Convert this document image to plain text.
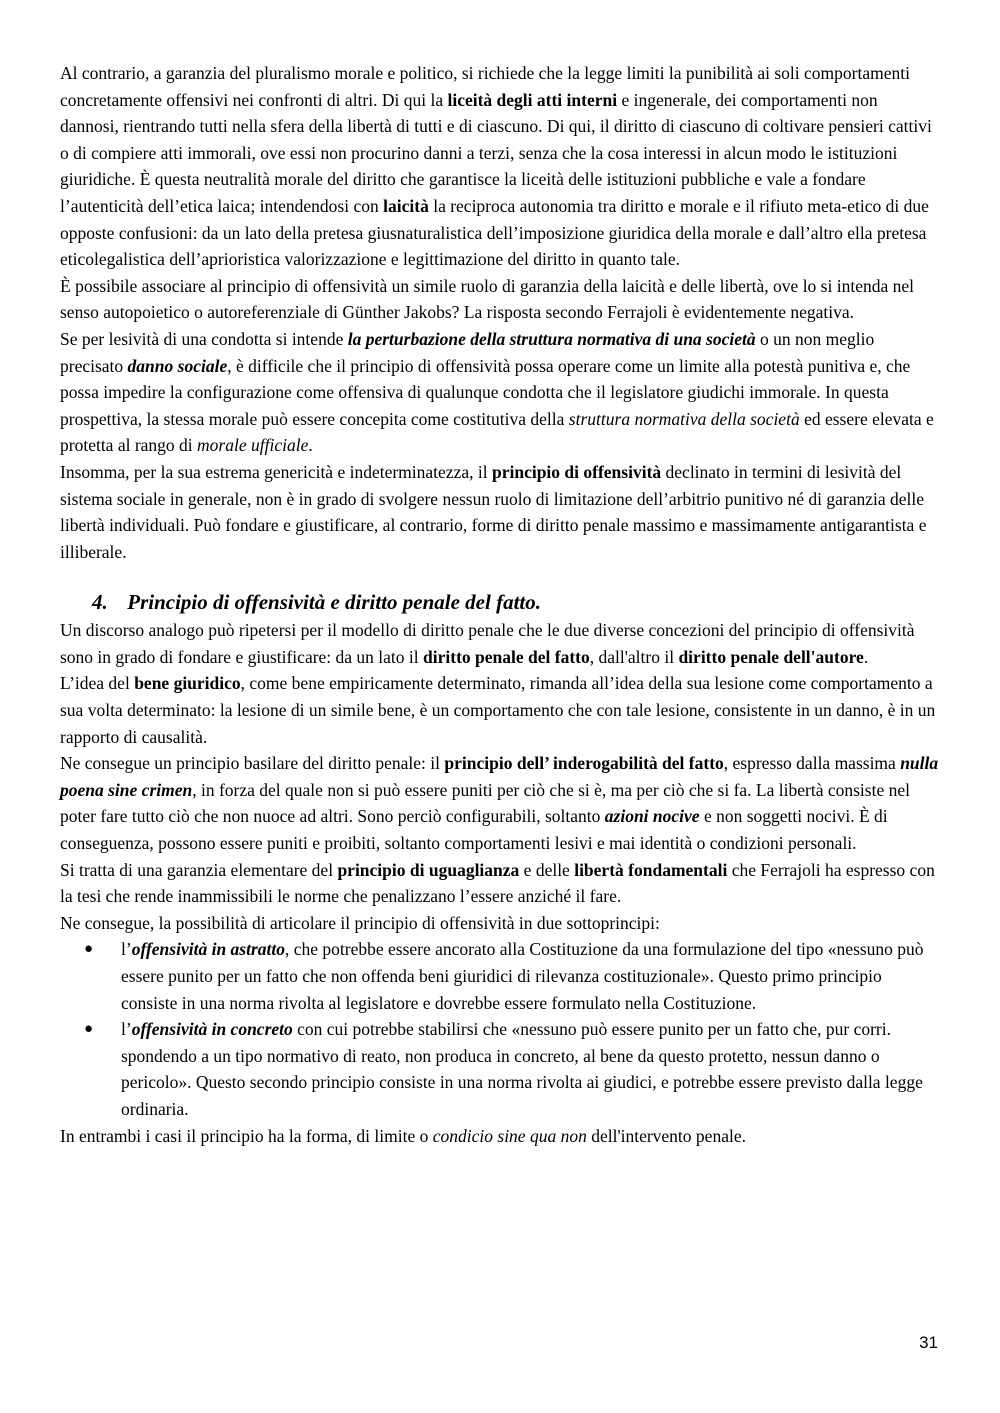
Al contrario, a garanzia del pluralismo morale e politico, si richiede che la legge limiti la punibilità ai soli comportamenti concretamente offensivi nei confronti di altri. Di qui la liceità degli atti interni e ingenerale, dei comportamenti non dannosi, rientrando tutti nella sfera della libertà di tutti e di ciascuno. Di qui, il diritto di ciascuno di coltivare pensieri cattivi o di compiere atti immorali, ove essi non procurino danni a terzi, senza che la cosa interessi in alcun modo le istituzioni giuridiche. È questa neutralità morale del diritto che garantisce la liceità delle istituzioni pubbliche e vale a fondare l’autenticità dell’etica laica; intendendosi con laicità la reciproca autonomia tra diritto e morale e il rifiuto meta-etico di due opposte confusioni: da un lato della pretesa giusnaturalistica dell’imposizione giuridica della morale e dall’altro ella pretesa eticolegalistica dell’aprioristica valorizzazione e legittimazione del diritto in quanto tale.

È possibile associare al principio di offensività un simile ruolo di garanzia della laicità e delle libertà, ove lo si intenda nel senso autopoietico o autoreferenziale di Günther Jakobs? La risposta secondo Ferrajoli è evidentemente negativa.

Se per lesività di una condotta si intende la perturbazione della struttura normativa di una società o un non meglio precisato danno sociale, è difficile che il principio di offensività possa operare come un limite alla potestà punitiva e, che possa impedire la configurazione come offensiva di qualunque condotta che il legislatore giudichi immorale. In questa prospettiva, la stessa morale può essere concepita come costitutiva della struttura normativa della società ed essere elevata e protetta al rango di morale ufficiale.

Insomma, per la sua estrema genericità e indeterminatezza, il principio di offensività declinato in termini di lesività del sistema sociale in generale, non è in grado di svolgere nessun ruolo di limitazione dell’arbitrio punitivo né di garanzia delle libertà individuali. Può fondare e giustificare, al contrario, forme di diritto penale massimo e massimamente antigarantista e illiberale.

4. Principio di offensività e diritto penale del fatto.

Un discorso analogo può ripetersi per il modello di diritto penale che le due diverse concezioni del principio di offensività sono in grado di fondare e giustificare: da un lato il diritto penale del fatto, dall'altro il diritto penale dell'autore.

L’idea del bene giuridico, come bene empiricamente determinato, rimanda all’idea della sua lesione come comportamento a sua volta determinato: la lesione di un simile bene, è un comportamento che con tale lesione, consistente in un danno, è in un rapporto di causalità.

Ne consegue un principio basilare del diritto penale: il principio dell’ inderogabilità del fatto, espresso dalla massima nulla poena sine crimen, in forza del quale non si può essere puniti per ciò che si è, ma per ciò che si fa. La libertà consiste nel poter fare tutto ciò che non nuoce ad altri. Sono perciò configurabili, soltanto azioni nocive e non soggetti nocivi. È di conseguenza, possono essere puniti e proibiti, soltanto comportamenti lesivi e mai identità o condizioni personali.

Si tratta di una garanzia elementare del principio di uguaglianza e delle libertà fondamentali che Ferrajoli ha espresso con la tesi che rende inammissibili le norme che penalizzano l’essere anziché il fare.

Ne consegue, la possibilità di articolare il principio di offensività in due sottoprincipi:

● l’offensività in astratto, che potrebbe essere ancorato alla Costituzione da una formulazione del tipo «nessuno può essere punito per un fatto che non offenda beni giuridici di rilevanza costituzionale». Questo primo principio consiste in una norma rivolta al legislatore e dovrebbe essere formulato nella Costituzione.
● l’offensività in concreto con cui potrebbe stabilirsi che «nessuno può essere punito per un fatto che, pur corri. spondendo a un tipo normativo di reato, non produca in concreto, al bene da questo protetto, nessun danno o pericolo». Questo secondo principio consiste in una norma rivolta ai giudici, e potrebbe essere previsto dalla legge ordinaria.

In entrambi i casi il principio ha la forma, di limite o condicio sine qua non dell'intervento penale.

31
